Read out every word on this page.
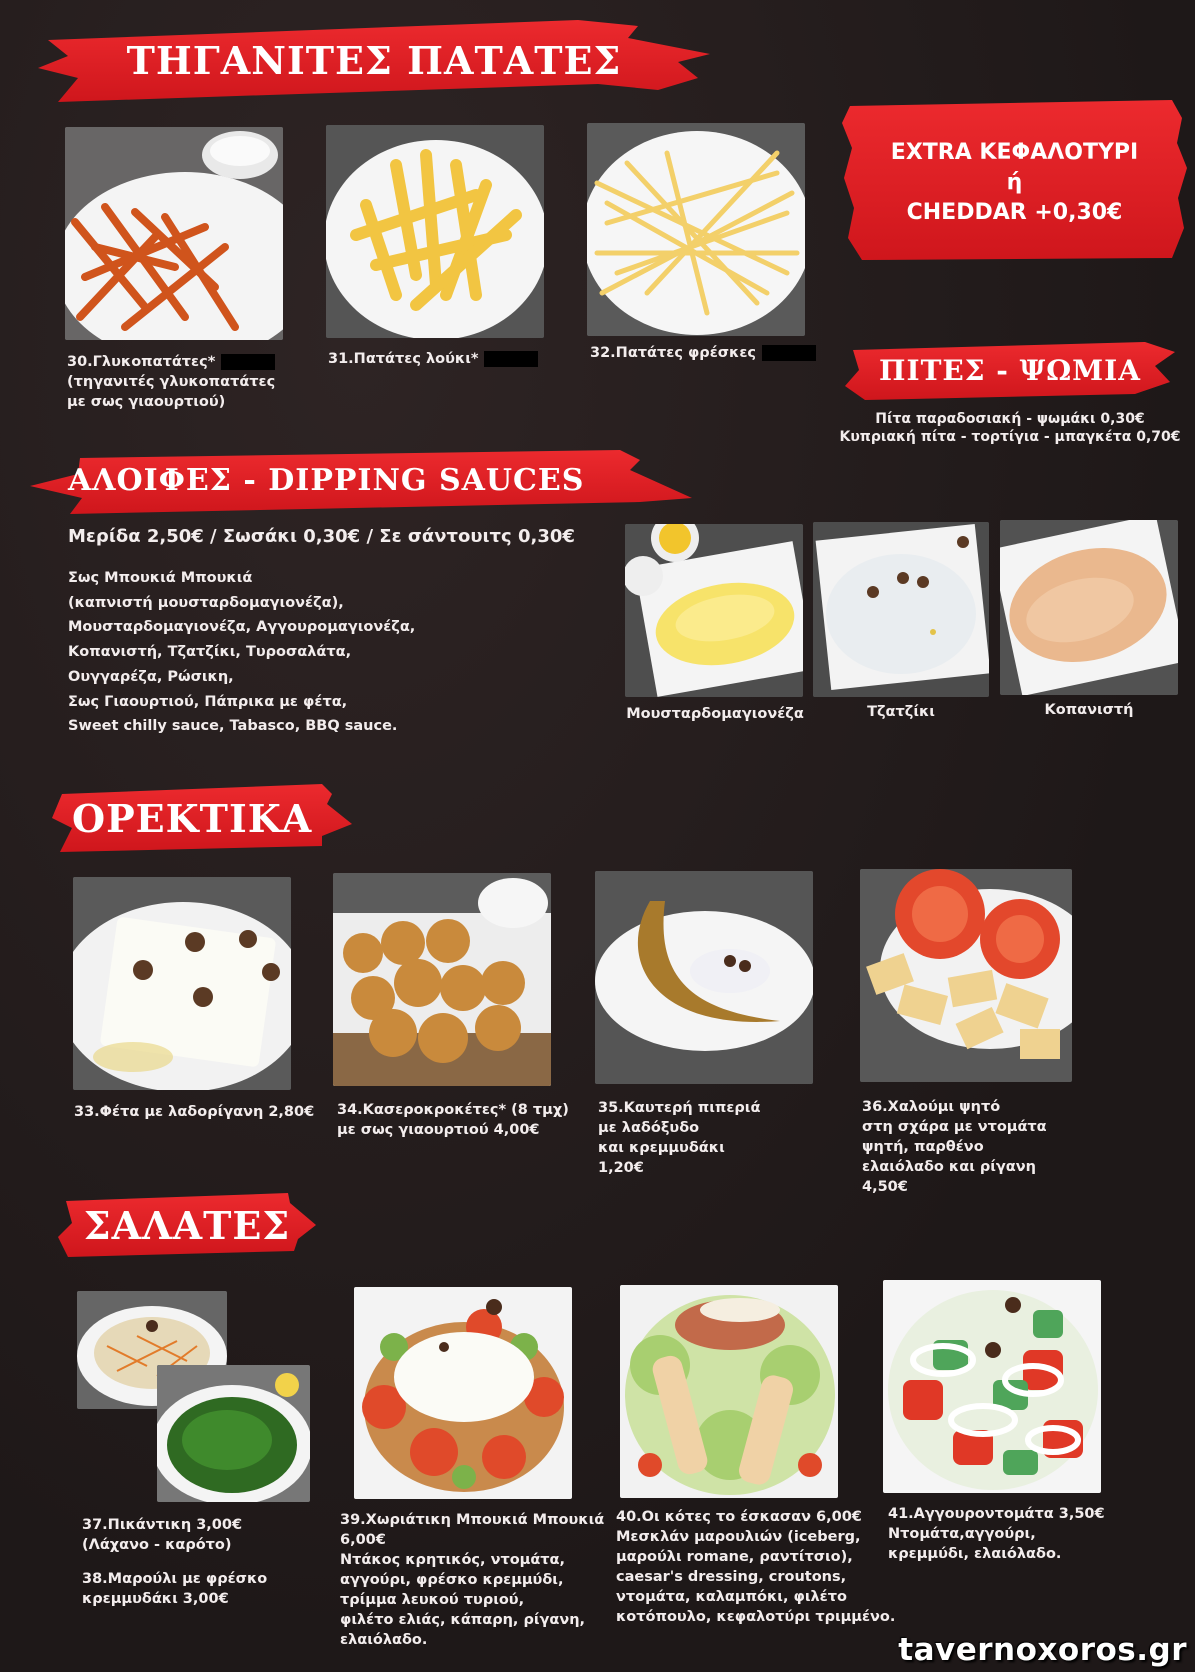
ΤΗΓΑΝΙΤΕΣ ΠΑΤΑΤΕΣ
30.Γλυκοπατάτες*
(τηγανιτές γλυκοπατάτες
με σως γιαουρτιού)
31.Πατάτες λούκι*	32.Πατάτες φρέσκες
EXTRA ΚΕΦΑΛΟΤΥΡΙ
ή
CHEDDAR +0,30€
ΠΙΤΕΣ - ΨΩΜΙΑ
Πίτα παραδοσιακή - ψωμάκι 0,30€
Κυπριακή πίτα - τορτίγια - μπαγκέτα 0,70€
ΑΛΟΙΦΕΣ - DIPPING SAUCES
Μερίδα 2,50€ / Σωσάκι 0,30€ / Σε σάντουιτς 0,30€
Σως Μπουκιά Μπουκιά
(καπνιστή μουσταρδομαγιονέζα),
Μουσταρδομαγιονέζα, Αγγουρομαγιονέζα,
Κοπανιστή, Τζατζίκι, Τυροσαλάτα,
Ουγγαρέζα, Ρώσικη,
Σως Γιαουρτιού, Πάπρικα με φέτα,
Sweet chilly sauce, Tabasco, BBQ sauce.
Μουσταρδομαγιονέζα	Τζατζίκι	Κοπανιστή
ΟΡΕΚΤΙΚΑ
33.Φέτα με λαδορίγανη 2,80€ 34.Κασεροκροκέτες* (8 τμχ)
με σως γιαουρτιού 4,00€
35.Καυτερή πιπεριά
με λαδόξυδο
και κρεμμυδάκι
1,20€
36.Χαλούμι ψητό
στη σχάρα με ντομάτα
ψητή, παρθένο
ελαιόλαδο και ρίγανη
4,50€
ΣΑΛΑΤΕΣ
37.Πικάντικη 3,00€
(Λάχανο - καρότο)
38.Μαρούλι με φρέσκο
κρεμμυδάκι 3,00€
39.Χωριάτικη Μπουκιά Μπουκιά
6,00€
Ντάκος κρητικός, ντομάτα,
αγγούρι, φρέσκο κρεμμύδι,
τρίμμα λευκού τυριού,
φιλέτο ελιάς, κάπαρη, ρίγανη,
ελαιόλαδο.
40.Οι κότες το έσκασαν 6,00€
Μεσκλάν μαρουλιών (iceberg,
μαρούλι romane, ραντίτσιο),
caesar's dressing, croutons,
ντομάτα, καλαμπόκι, φιλέτο
κοτόπουλο, κεφαλοτύρι τριμμένο.
41.Αγγουροντομάτα 3,50€
Ντομάτα,αγγούρι,
κρεμμύδι, ελαιόλαδο.
tavernoxoros.gr
